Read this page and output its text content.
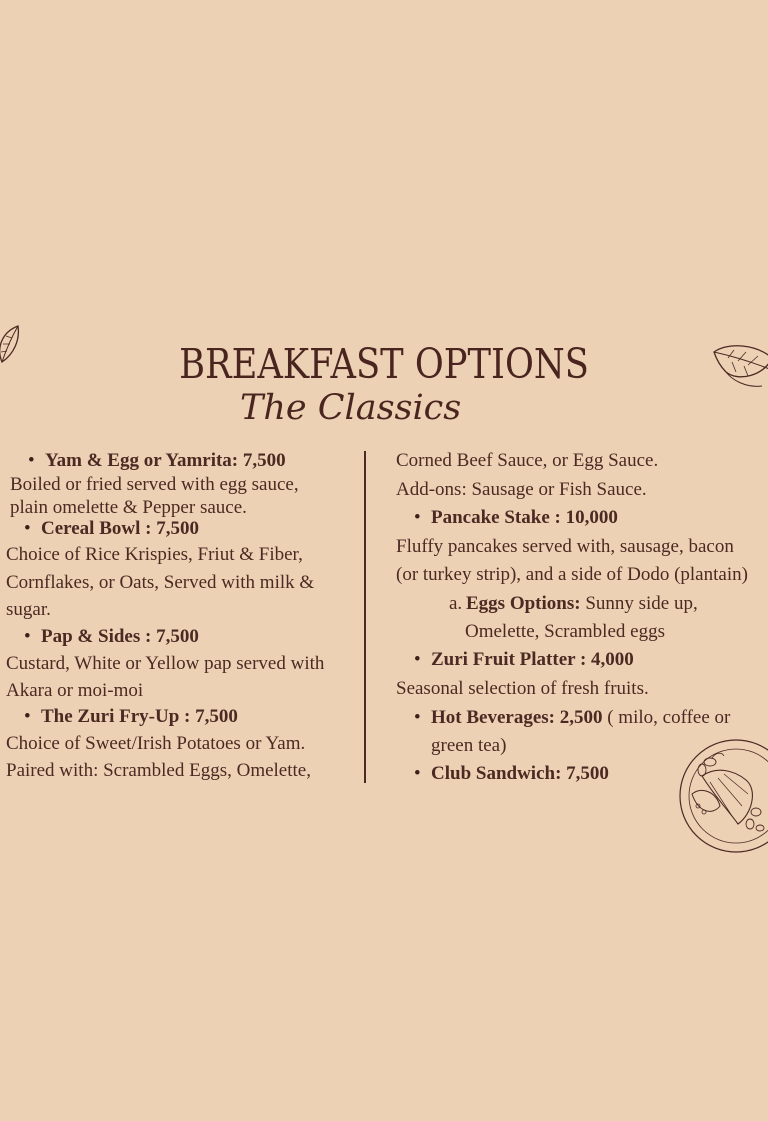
BREAKFAST OPTIONS
The Classics
• Yam & Egg or Yamrita: 7,500
Boiled or fried served with egg sauce,
plain omelette & Pepper sauce.
• Cereal Bowl : 7,500
Choice of Rice Krispies, Friut & Fiber,
Cornflakes, or Oats, Served with milk &
sugar.
• Pap & Sides : 7,500
Custard, White or Yellow pap served with
Akara or moi-moi
• The Zuri Fry-Up : 7,500
Choice of Sweet/Irish Potatoes or Yam.
Paired with: Scrambled Eggs, Omelette,
Corned Beef Sauce, or Egg Sauce.
Add-ons: Sausage or Fish Sauce.
• Pancake Stake : 10,000
Fluffy pancakes served with, sausage, bacon
(or turkey strip), and a side of Dodo (plantain)
a. Eggs Options: Sunny side up,
Omelette, Scrambled eggs
• Zuri Fruit Platter : 4,000
Seasonal selection of fresh fruits.
• Hot Beverages: 2,500 ( milo, coffee or
green tea)
• Club Sandwich: 7,500
